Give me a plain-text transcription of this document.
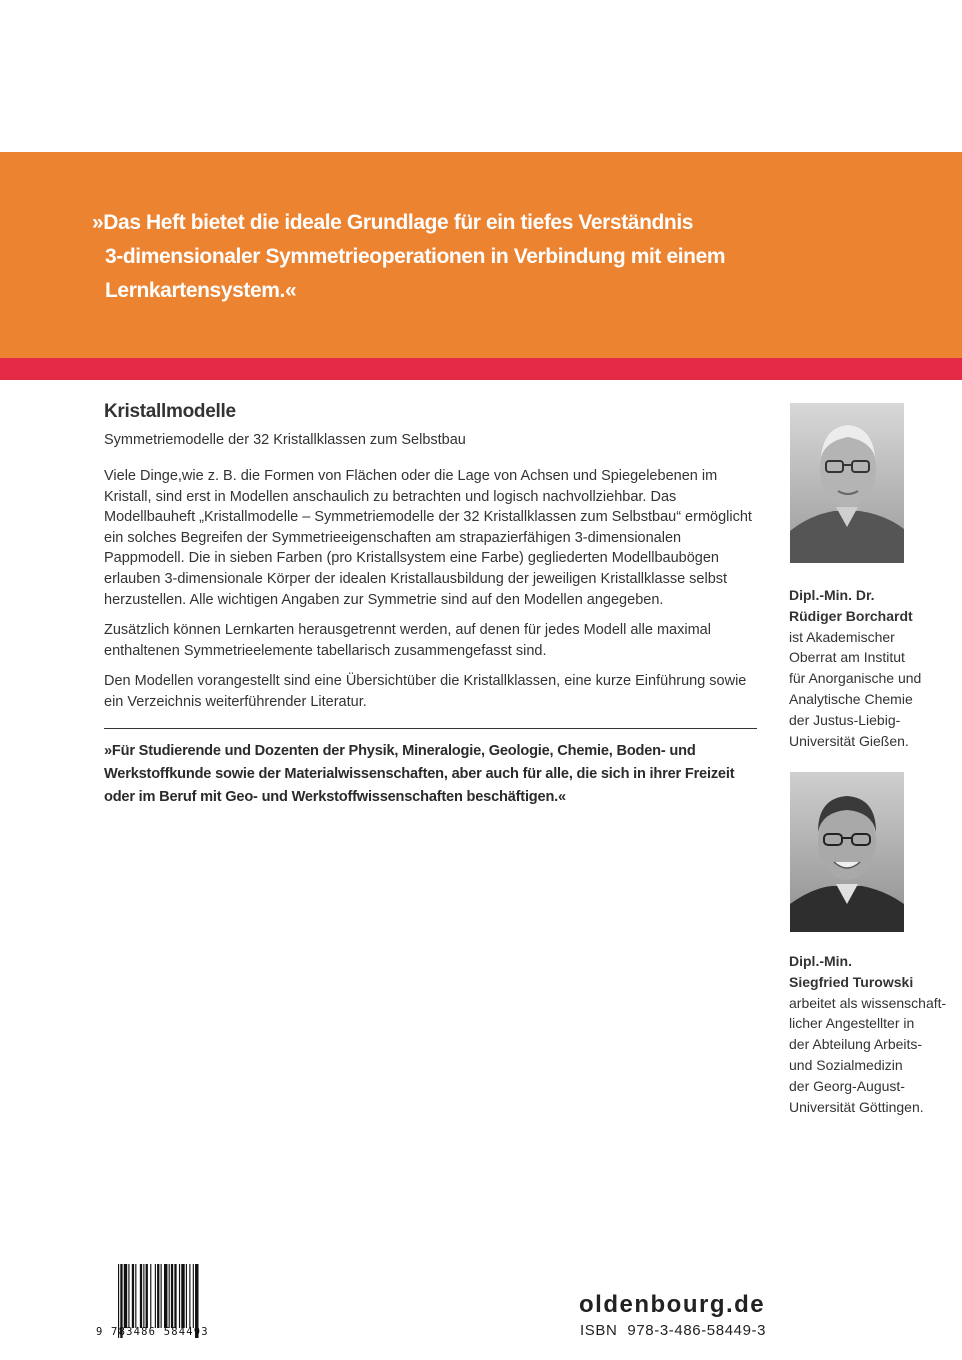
»Das Heft bietet die ideale Grundlage für ein tiefes Verständnis
3-dimensionaler Symmetrieoperationen in Verbindung mit einem
Lernkartensystem.«
Kristallmodelle

Symmetriemodelle der 32 Kristallklassen zum Selbstbau

Viele Dinge,wie z. B. die Formen von Flächen oder die Lage von Achsen und Spiegelebenen im Kristall, sind erst in Modellen anschaulich zu betrachten und logisch nachvollziehbar. Das Modellbauheft „Kristallmodelle – Symmetriemodelle der 32 Kristallklassen zum Selbstbau“ ermöglicht ein solches Begreifen der Symmetrieeigenschaften am strapazierfähigen 3-dimensionalen Pappmodell. Die in sieben Farben (pro Kristallsystem eine Farbe) gegliederten Modellbaubögen erlauben 3-dimensionale Körper der idealen Kristallausbildung der jeweiligen Kristallklasse selbst herzustellen. Alle wichtigen Angaben zur Symmetrie sind auf den Modellen angegeben.

Zusätzlich können Lernkarten herausgetrennt werden, auf denen für jedes Modell alle maximal enthaltenen Symmetrieelemente tabellarisch zusammengefasst sind.

Den Modellen vorangestellt sind eine Übersichtüber die Kristallklassen, eine kurze Einführung sowie ein Verzeichnis weiterführender Literatur.

»Für Studierende und Dozenten der Physik, Mineralogie, Geologie, Chemie, Boden- und Werkstoffkunde sowie der Materialwissenschaften, aber auch für alle, die sich in ihrer Freizeit oder im Beruf mit Geo- und Werkstoffwissenschaften beschäftigen.«
Dipl.-Min. Dr.
Rüdiger Borchardt
ist Akademischer
Oberrat am Institut
für Anorganische und
Analytische Chemie
der Justus-Liebig-
Universität Gießen.
Dipl.-Min.
Siegfried Turowski
arbeitet als wissenschaft-
licher Angestellter in
der Abteilung Arbeits-
und Sozialmedizin
der Georg-August-
Universität Göttingen.
9 783486 584493
oldenbourg.de
ISBN 978-3-486-58449-3
